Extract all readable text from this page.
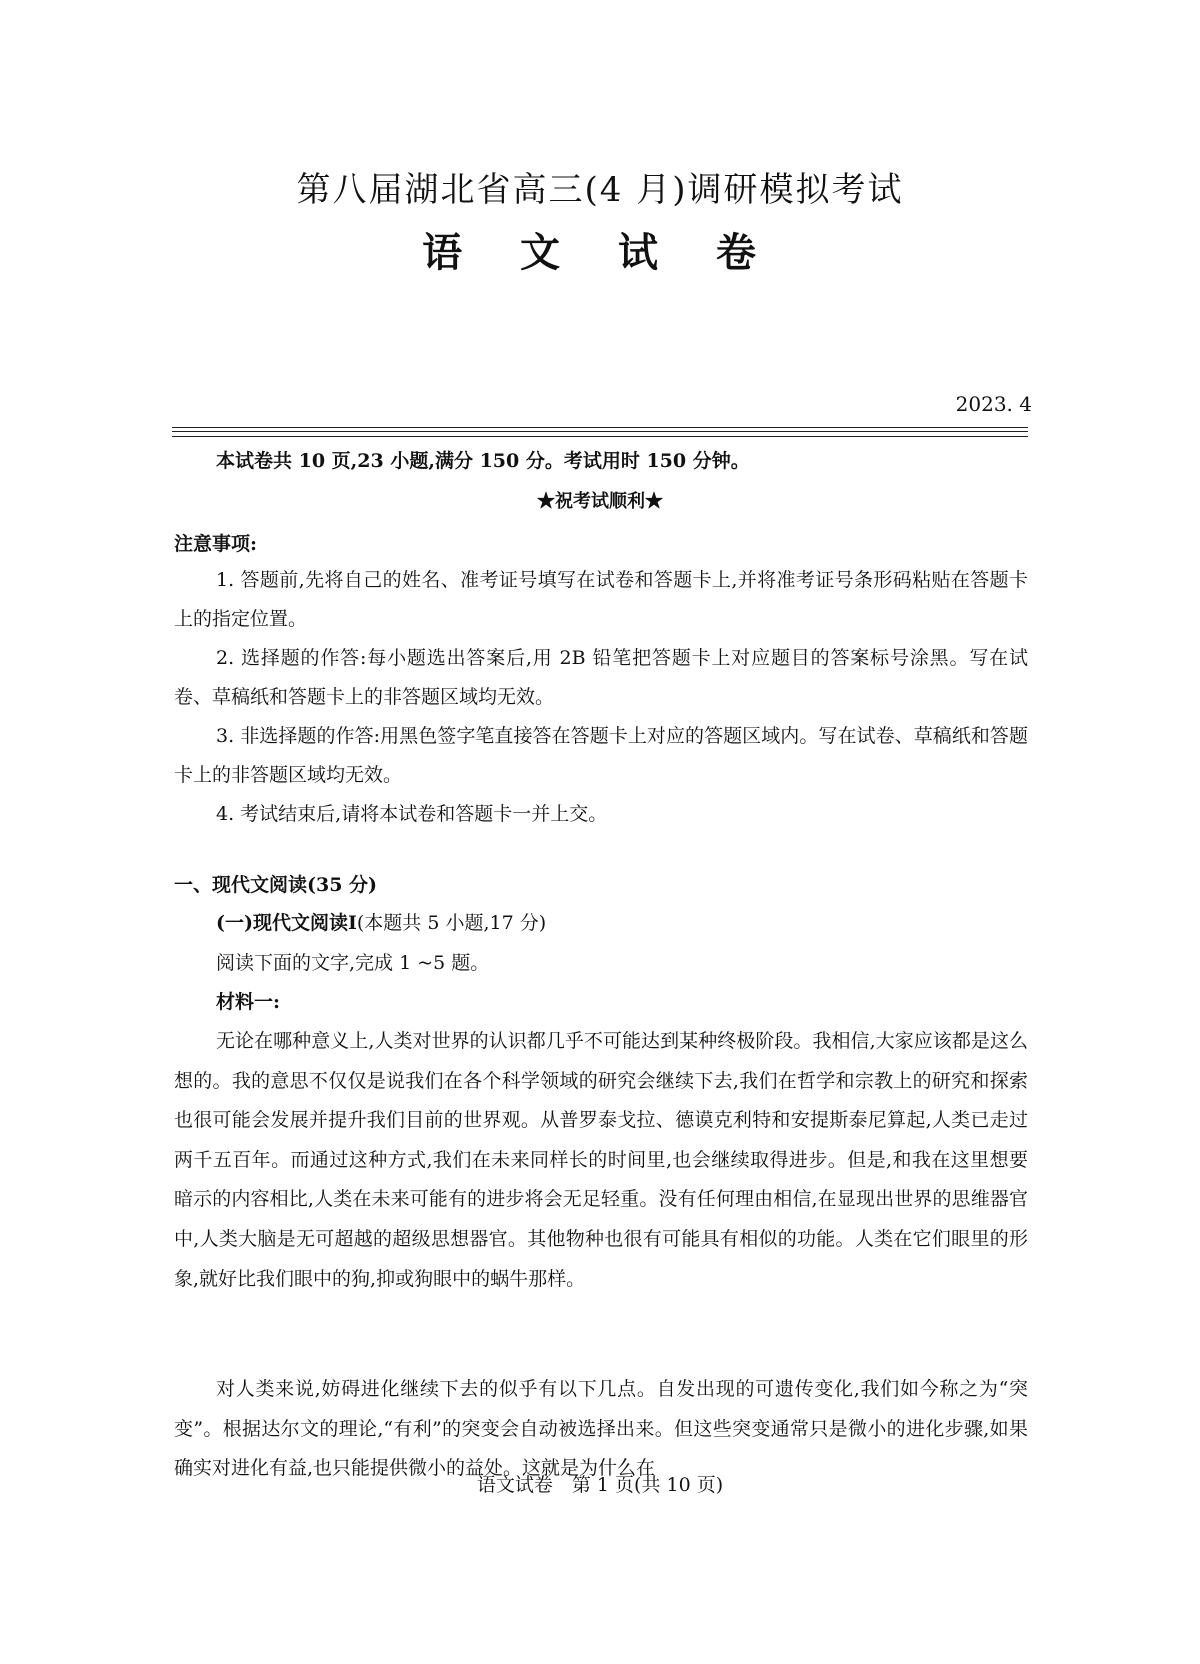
第八届湖北省高三(4 月)调研模拟考试
语 文 试 卷
2023. 4
本试卷共 10 页,23 小题,满分 150 分。考试用时 150 分钟。
★祝考试顺利★
注意事项:

1. 答题前,先将自己的姓名、准考证号填写在试卷和答题卡上,并将准考证号条形码粘贴在答题卡上的指定位置。

2. 选择题的作答:每小题选出答案后,用 2B 铅笔把答题卡上对应题目的答案标号涂黑。写在试卷、草稿纸和答题卡上的非答题区域均无效。

3. 非选择题的作答:用黑色签字笔直接答在答题卡上对应的答题区域内。写在试卷、草稿纸和答题卡上的非答题区域均无效。

4. 考试结束后,请将本试卷和答题卡一并上交。

一、现代文阅读(35 分)
(一)现代文阅读Ⅰ(本题共 5 小题,17 分)
阅读下面的文字,完成 1 ~5 题。
材料一:

无论在哪种意义上,人类对世界的认识都几乎不可能达到某种终极阶段。我相信,大家应该都是这么想的。我的意思不仅仅是说我们在各个科学领域的研究会继续下去,我们在哲学和宗教上的研究和探索也很可能会发展并提升我们目前的世界观。从普罗泰戈拉、德谟克利特和安提斯泰尼算起,人类已走过两千五百年。而通过这种方式,我们在未来同样长的时间里,也会继续取得进步。但是,和我在这里想要暗示的内容相比,人类在未来可能有的进步将会无足轻重。没有任何理由相信,在显现出世界的思维器官中,人类大脑是无可超越的超级思想器官。其他物种也很有可能具有相似的功能。人类在它们眼里的形象,就好比我们眼中的狗,抑或狗眼中的蜗牛那样。

对人类来说,妨碍进化继续下去的似乎有以下几点。自发出现的可遗传变化,我们如今称之为“突变”。根据达尔文的理论,“有利”的突变会自动被选择出来。但这些突变通常只是微小的进化步骤,如果确实对进化有益,也只能提供微小的益处。这就是为什么在

语文试卷　第 1 页(共 10 页)
